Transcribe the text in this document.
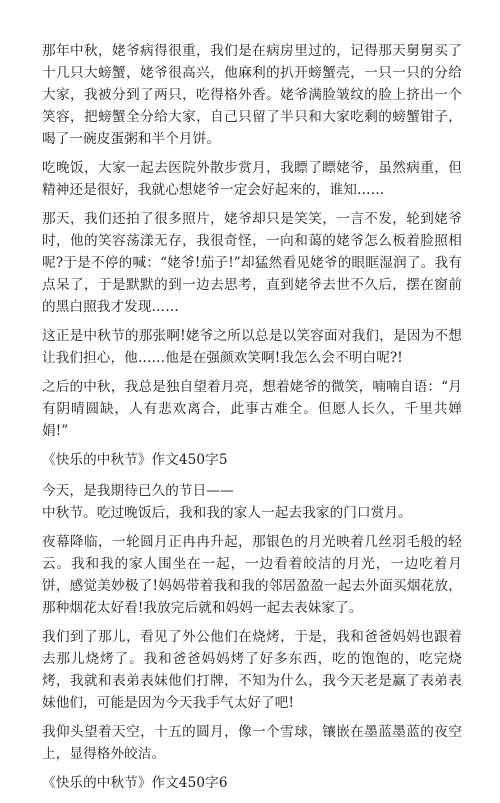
那年中秋，姥爷病得很重，我们是在病房里过的，记得那天舅舅买了十几只大螃蟹，姥爷很高兴，他麻利的扒开螃蟹壳，一只一只的分给大家，我被分到了两只，吃得格外香。姥爷满脸皱纹的脸上挤出一个笑容，把螃蟹全分给大家，自己只留了半只和大家吃剩的螃蟹钳子，喝了一碗皮蛋粥和半个月饼。

吃晚饭，大家一起去医院外散步赏月，我瞟了瞟姥爷，虽然病重，但精神还是很好，我就心想姥爷一定会好起来的，谁知……

那天，我们还拍了很多照片，姥爷却只是笑笑，一言不发，轮到姥爷时，他的笑容荡漾无存，我很奇怪，一向和蔼的姥爷怎么板着脸照相呢?于是不停的喊：“姥爷!茄子!”却猛然看见姥爷的眼眶湿润了。我有点呆了，于是默默的到一边去思考，直到姥爷去世不久后，摆在窗前的黑白照我才发现……

这正是中秋节的那张啊!姥爷之所以总是以笑容面对我们，是因为不想让我们担心，他……他是在强颜欢笑啊!我怎么会不明白呢?!

之后的中秋，我总是独自望着月亮，想着姥爷的微笑，喃喃自语：“月有阴晴圆缺，人有悲欢离合，此事古难全。但愿人长久，千里共婵娟!”

《快乐的中秋节》作文450字5

今天，是我期待已久的节日——

中秋节。吃过晚饭后，我和我的家人一起去我家的门口赏月。

夜幕降临，一轮圆月正冉冉升起，那银色的月光映着几丝羽毛般的轻云。我和我的家人围坐在一起，一边看着皎洁的月光，一边吃着月饼，感觉美妙极了!妈妈带着我和我的邻居盈盈一起去外面买烟花放，那种烟花太好看!我放完后就和妈妈一起去表妹家了。

我们到了那儿，看见了外公他们在烧烤，于是，我和爸爸妈妈也跟着去那儿烧烤了。我和爸爸妈妈烤了好多东西，吃的饱饱的，吃完烧烤，我就和表弟表妹他们打牌，不知为什么，我今天老是赢了表弟表妹他们，可能是因为今天我手气太好了吧!

我仰头望着天空，十五的圆月，像一个雪球，镶嵌在墨蓝墨蓝的夜空上，显得格外皎洁。

《快乐的中秋节》作文450字6
